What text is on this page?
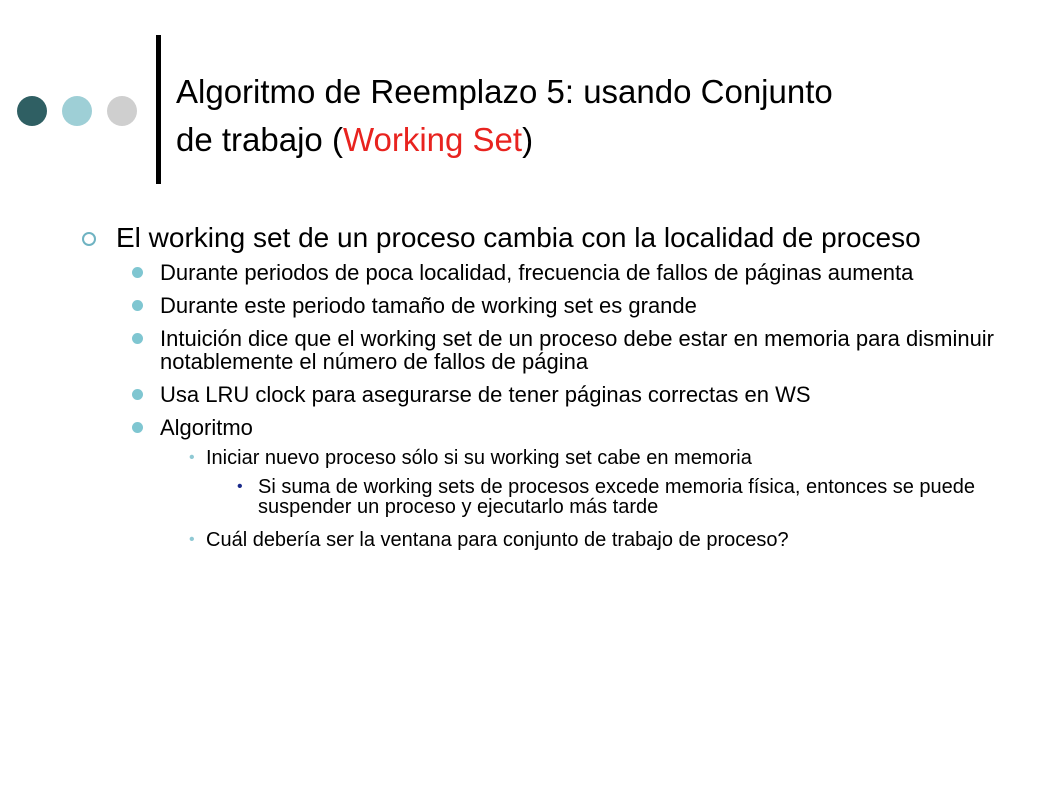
Algoritmo de Reemplazo 5: usando Conjunto
de trabajo (Working Set)
El working set de un proceso cambia con la localidad de proceso
Durante periodos de poca localidad, frecuencia de fallos de páginas aumenta
Durante este periodo tamaño de working set es grande
Intuición dice que el working set de un proceso debe estar en memoria para disminuir notablemente el número de fallos de página
Usa LRU clock para asegurarse de tener páginas correctas en WS
Algoritmo
• Iniciar nuevo proceso sólo si su working set cabe en memoria
• Si suma de working sets de procesos excede memoria física, entonces se puede suspender un proceso y ejecutarlo más tarde
• Cuál debería ser la ventana para conjunto de trabajo de proceso?
